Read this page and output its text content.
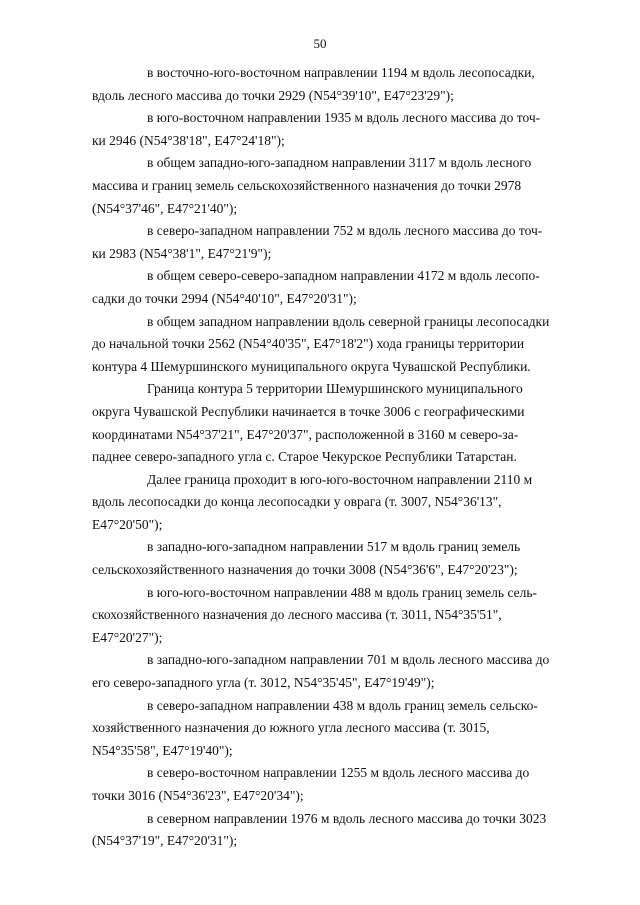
50

в восточно-юго-восточном направлении 1194 м вдоль лесопосадки,
вдоль лесного массива до точки 2929 (N54°39'10", E47°23'29");

в юго-восточном направлении 1935 м вдоль лесного массива до точ-
ки 2946 (N54°38'18", E47°24'18");

в общем западно-юго-западном направлении 3117 м вдоль лесного
массива и границ земель сельскохозяйственного назначения до точки 2978
(N54°37'46", E47°21'40");

в северо-западном направлении 752 м вдоль лесного массива до точ-
ки 2983 (N54°38'1", E47°21'9");

в общем северо-северо-западном направлении 4172 м вдоль лесопо-
садки до точки 2994 (N54°40'10", E47°20'31");

в общем западном направлении вдоль северной границы лесопосадки
до начальной точки 2562 (N54°40'35", E47°18'2") хода границы территории
контура 4 Шемуршинского муниципального округа Чувашской Республики.

Граница контура 5 территории Шемуршинского муниципального
округа Чувашской Республики начинается в точке 3006 с географическими
координатами N54°37'21", E47°20'37", расположенной в 3160 м северо-за-
паднее северо-западного угла с. Старое Чекурское Республики Татарстан.

Далее граница проходит в юго-юго-восточном направлении 2110 м
вдоль лесопосадки до конца лесопосадки у оврага (т. 3007, N54°36'13",
E47°20'50");

в западно-юго-западном направлении 517 м вдоль границ земель
сельскохозяйственного назначения до точки 3008 (N54°36'6", E47°20'23");

в юго-юго-восточном направлении 488 м вдоль границ земель сель-
скохозяйственного назначения до лесного массива (т. 3011, N54°35'51",
E47°20'27");

в западно-юго-западном направлении 701 м вдоль лесного массива до
его северо-западного угла (т. 3012, N54°35'45", E47°19'49");

в северо-западном направлении 438 м вдоль границ земель сельско-
хозяйственного назначения до южного угла лесного массива (т. 3015,
N54°35'58", E47°19'40");

в северо-восточном направлении 1255 м вдоль лесного массива до
точки 3016 (N54°36'23", E47°20'34");

в северном направлении 1976 м вдоль лесного массива до точки 3023
(N54°37'19", E47°20'31");
